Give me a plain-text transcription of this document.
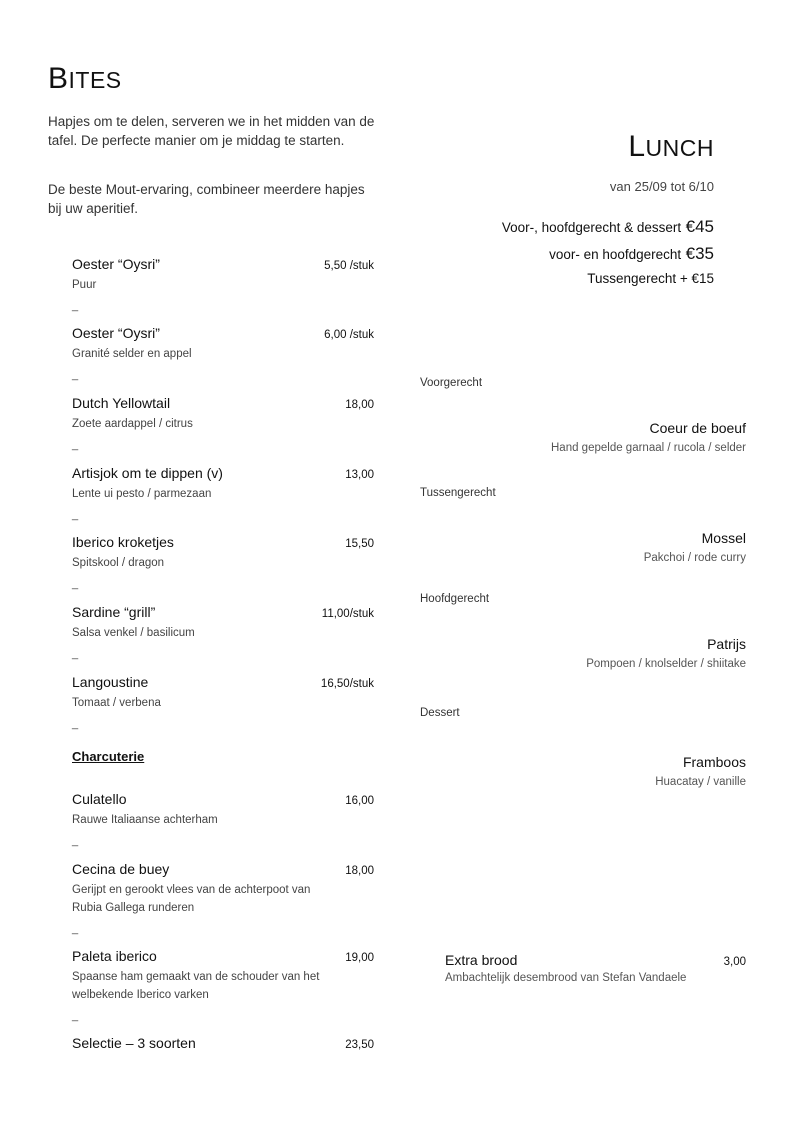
BITES

Hapjes om te delen, serveren we in het midden van de tafel. De perfecte manier om je middag te starten.

De beste Mout-ervaring, combineer meerdere hapjes bij uw aperitief.

Oester “Oysri”	5,50 /stuk
Puur
_
Oester “Oysri”	6,00 /stuk
Granité selder en appel
_
Dutch Yellowtail	18,00
Zoete aardappel / citrus
_
Artisjok om te dippen (v)	13,00
Lente ui pesto / parmezaan
_
Iberico kroketjes	15,50
Spitskool / dragon
_
Sardine “grill”	11,00/stuk
Salsa venkel / basilicum
_
Langoustine	16,50/stuk
Tomaat / verbena
_
Charcuterie
Culatello	16,00
Rauwe Italiaanse achterham
_
Cecina de buey	18,00
Gerijpt en gerookt vlees van de achterpoot van Rubia Gallega runderen
_
Paleta iberico	19,00
Spaanse ham gemaakt van de schouder van het welbekende Iberico varken
_
Selectie – 3 soorten	23,50
LUNCH
van 25/09 tot 6/10
Voor-, hoofdgerecht & dessert €45
voor- en hoofdgerecht €35
Tussengerecht + €15
Voorgerecht
Coeur de boeuf
Hand gepelde garnaal / rucola / selder
Tussengerecht
Mossel
Pakchoi / rode curry
Hoofdgerecht
Patrijs
Pompoen / knolselder / shiitake
Dessert
Framboos
Huacatay / vanille
Extra brood	3,00
Ambachtelijk desembrood van Stefan Vandaele
